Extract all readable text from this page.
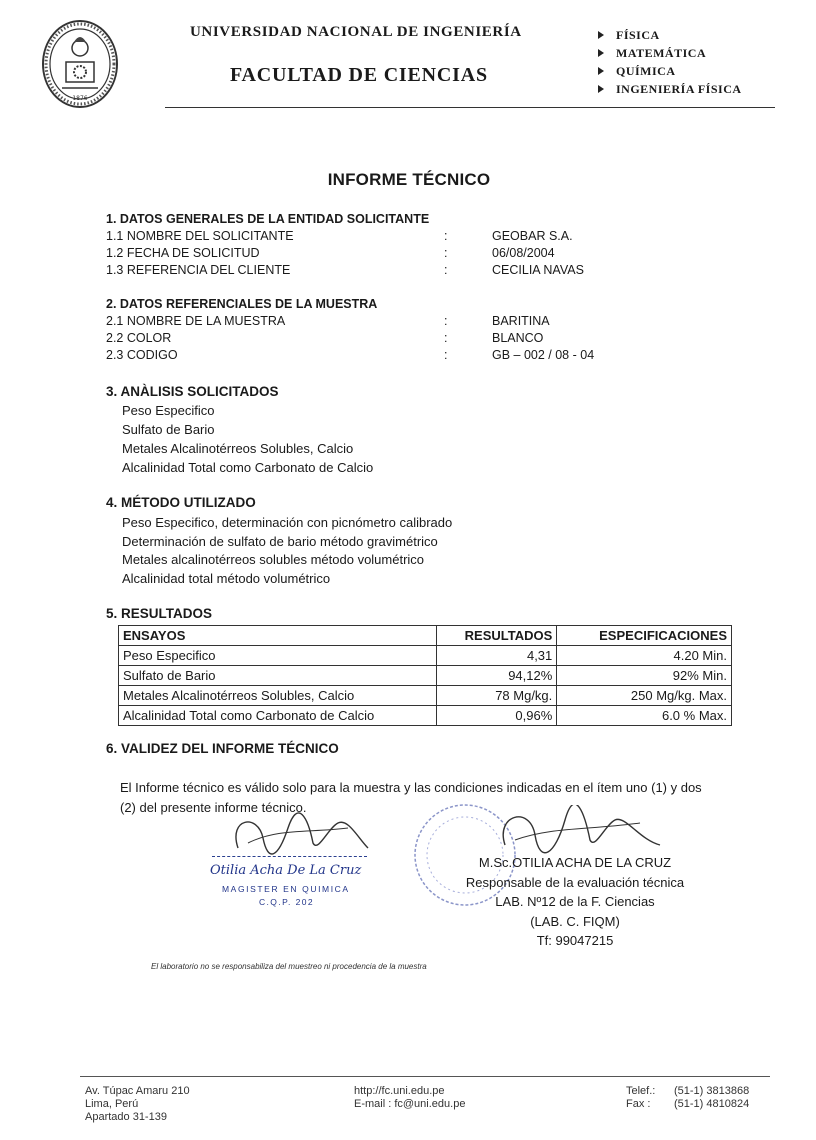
1876
UNIVERSIDAD NACIONAL DE INGENIERÍA
FACULTAD DE CIENCIAS
FÍSICA
MATEMÁTICA
QUÍMICA
INGENIERÍA FÍSICA
INFORME TÉCNICO
1. DATOS GENERALES DE LA ENTIDAD SOLICITANTE
1.1 NOMBRE DEL SOLICITANTE	:	GEOBAR S.A.
1.2 FECHA DE SOLICITUD	:	06/08/2004
1.3 REFERENCIA DEL CLIENTE	:	CECILIA NAVAS
2. DATOS REFERENCIALES DE LA MUESTRA
2.1 NOMBRE DE LA MUESTRA	:	BARITINA
2.2 COLOR	:	BLANCO
2.3 CODIGO	:	GB – 002 / 08 - 04
3. ANÀLISIS SOLICITADOS
Peso Especifico
Sulfato de Bario
Metales Alcalinotérreos Solubles, Calcio
Alcalinidad Total como Carbonato de Calcio
4. MÉTODO UTILIZADO
Peso Especifico, determinación con picnómetro calibrado
Determinación de sulfato de bario método gravimétrico
Metales alcalinotérreos solubles método volumétrico
Alcalinidad total método volumétrico
5. RESULTADOS
ENSAYOS	RESULTADOS	ESPECIFICACIONES
Peso Especifico	4,31	4.20 Min.
Sulfato de Bario	94,12%	92% Min.
Metales Alcalinotérreos Solubles, Calcio	78 Mg/kg.	250 Mg/kg. Max.
Alcalinidad Total como Carbonato de Calcio	0,96%	6.0 % Max.
6. VALIDEZ DEL INFORME TÉCNICO
El Informe técnico es válido solo para la muestra y las condiciones indicadas en el ítem uno (1) y dos (2) del presente informe técnico.
Otilia Acha De La Cruz
MAGISTER EN QUIMICA
C.Q.P. 202
M.Sc.OTILIA ACHA DE LA CRUZ
Responsable de la evaluación técnica
LAB. Nº12 de la F. Ciencias
(LAB. C. FIQM)
Tf: 99047215
El laboratorio no se responsabiliza del muestreo ni procedencia de la muestra
Av. Túpac Amaru 210
Lima, Perú
Apartado 31-139
http://fc.uni.edu.pe
E-mail : fc@uni.edu.pe
Telef.: (51-1) 3813868
Fax : (51-1) 4810824
